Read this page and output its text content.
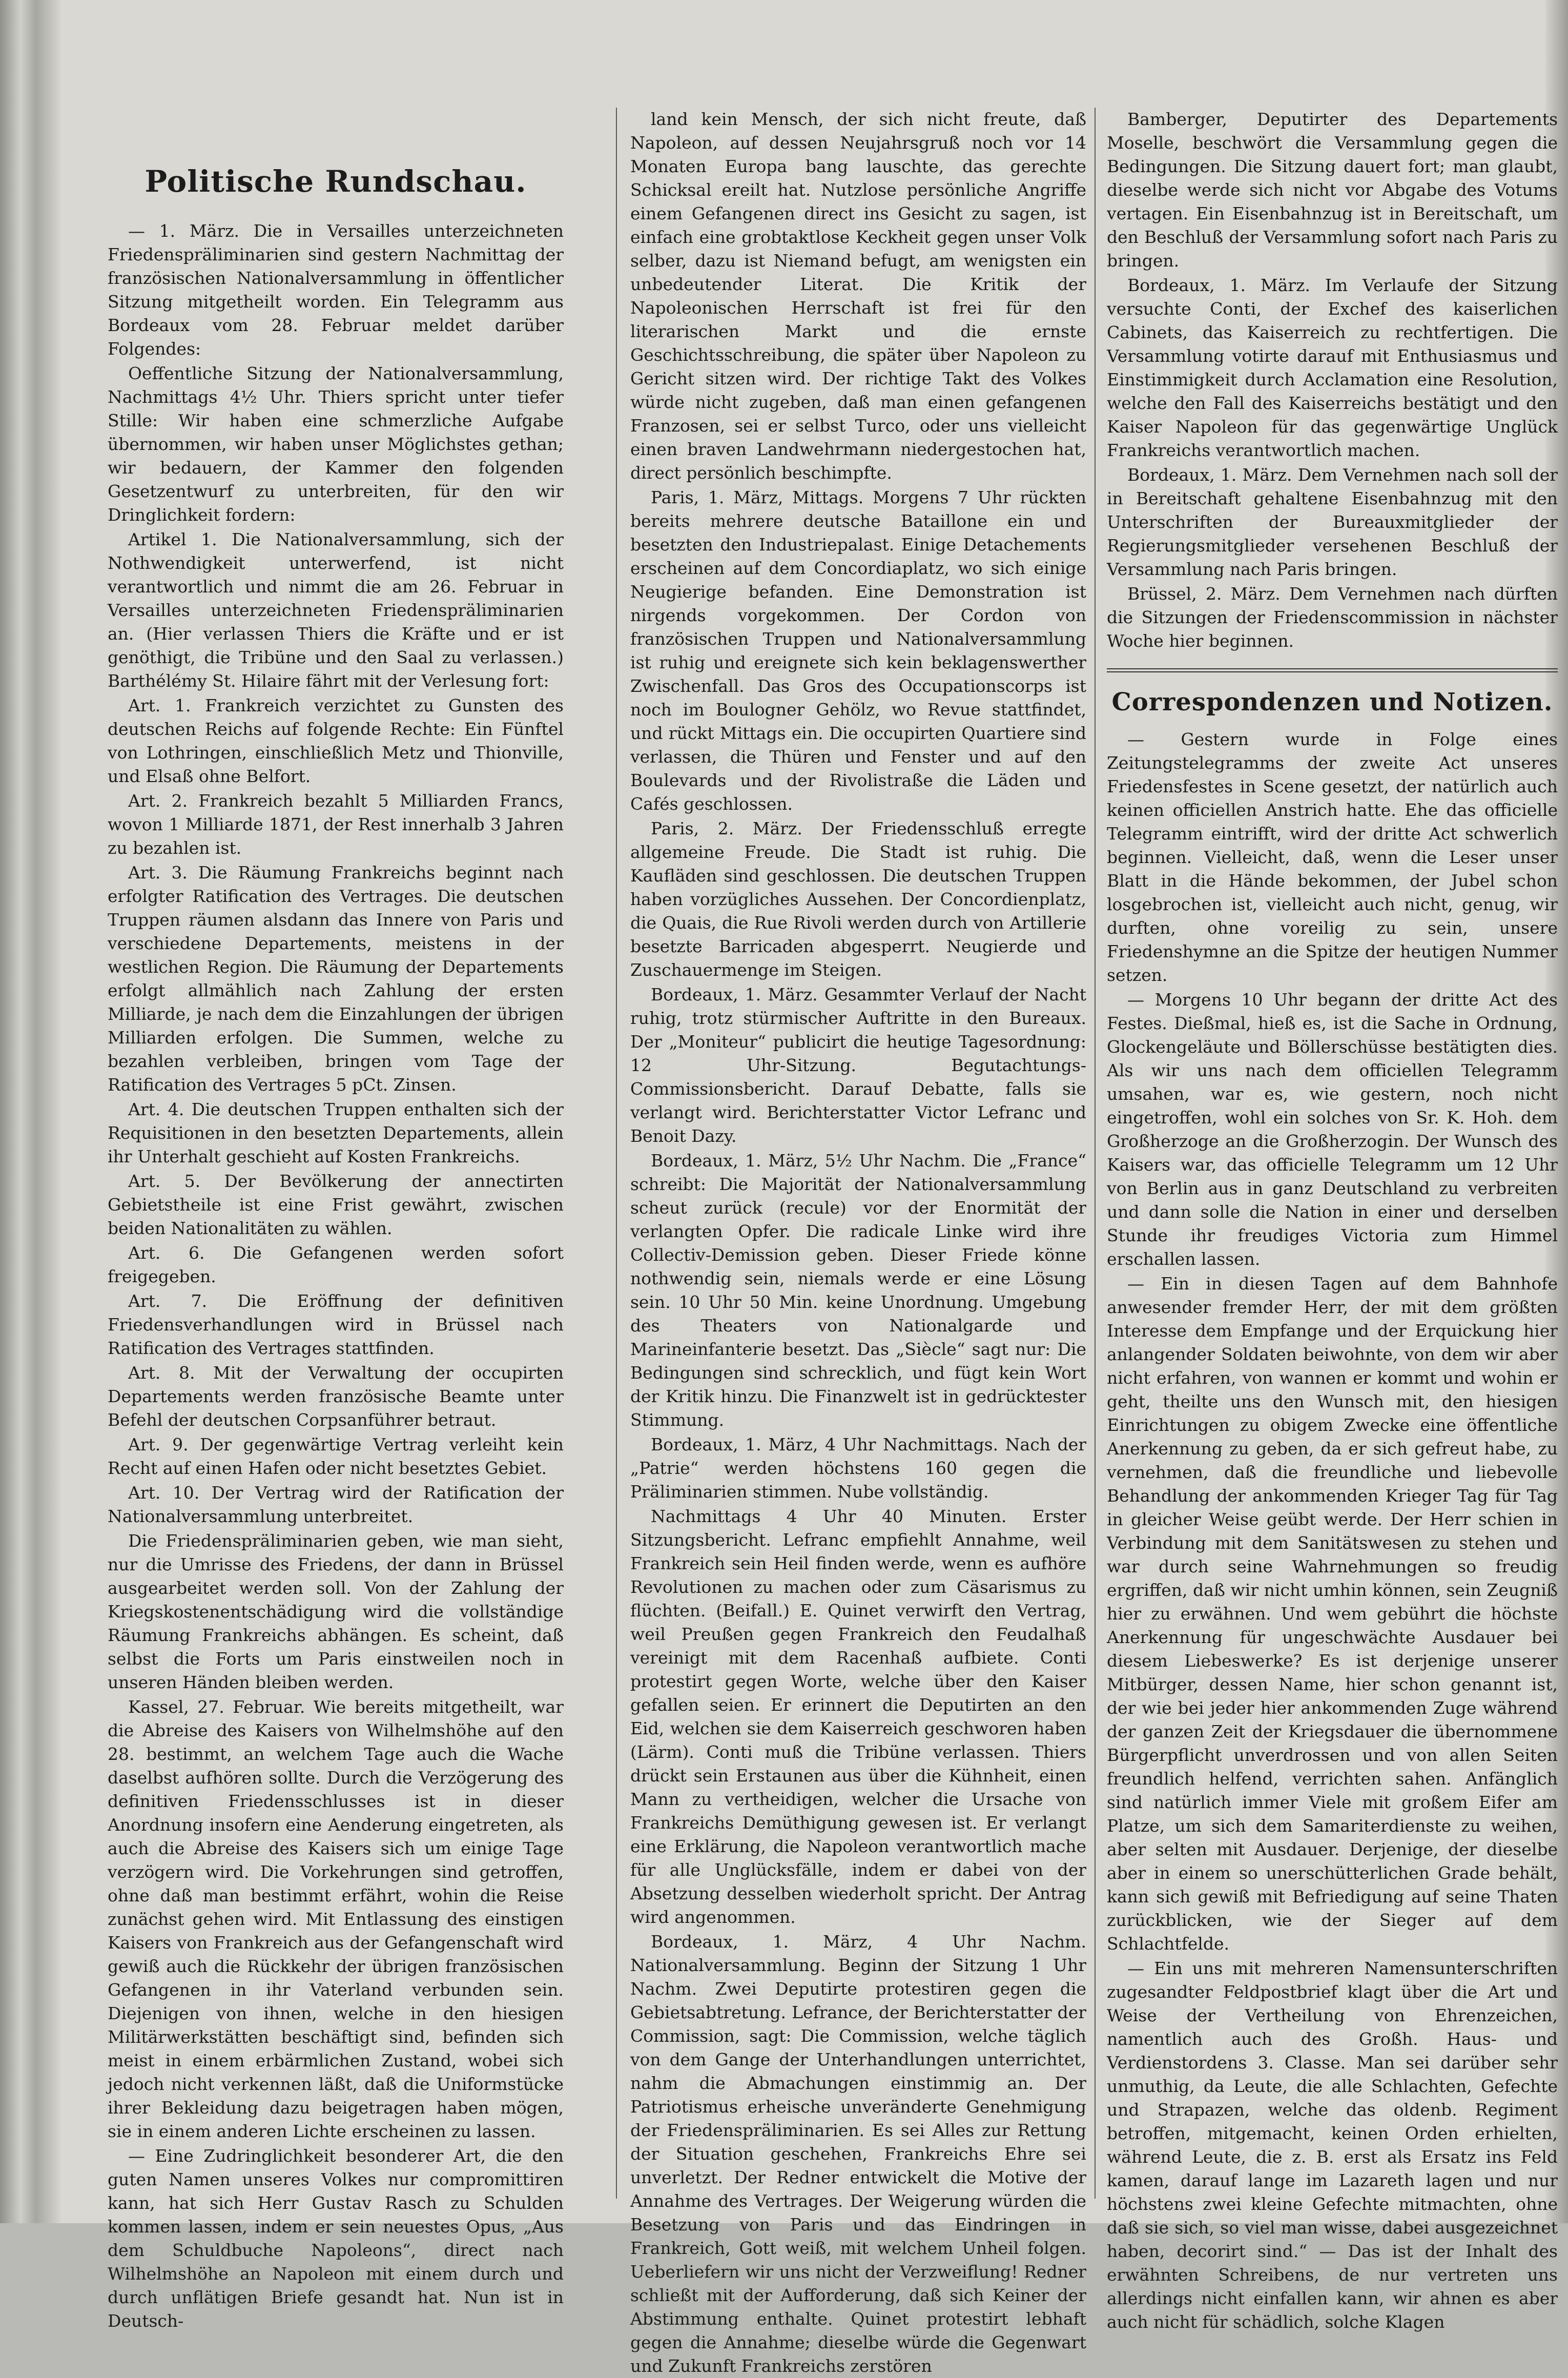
Politische Rundschau.

— 1. März. Die in Versailles unterzeichneten Friedenspräliminarien sind gestern Nachmittag der französischen Nationalversammlung in öffentlicher Sitzung mitgetheilt worden. Ein Telegramm aus Bordeaux vom 28. Februar meldet darüber Folgendes:

Oeffentliche Sitzung der Nationalversammlung, Nachmittags 4½ Uhr. Thiers spricht unter tiefer Stille: Wir haben eine schmerzliche Aufgabe übernommen, wir haben unser Möglichstes gethan; wir bedauern, der Kammer den folgenden Gesetzentwurf zu unterbreiten, für den wir Dringlichkeit fordern:

Artikel 1. Die Nationalversammlung, sich der Nothwendigkeit unterwerfend, ist nicht verantwortlich und nimmt die am 26. Februar in Versailles unterzeichneten Friedenspräliminarien an. (Hier verlassen Thiers die Kräfte und er ist genöthigt, die Tribüne und den Saal zu verlassen.) Barthélémy St. Hilaire fährt mit der Verlesung fort:

Art. 1. Frankreich verzichtet zu Gunsten des deutschen Reichs auf folgende Rechte: Ein Fünftel von Lothringen, einschließlich Metz und Thionville, und Elsaß ohne Belfort.

Art. 2. Frankreich bezahlt 5 Milliarden Francs, wovon 1 Milliarde 1871, der Rest innerhalb 3 Jahren zu bezahlen ist.

Art. 3. Die Räumung Frankreichs beginnt nach erfolgter Ratification des Vertrages. Die deutschen Truppen räumen alsdann das Innere von Paris und verschiedene Departements, meistens in der westlichen Region. Die Räumung der Departements erfolgt allmählich nach Zahlung der ersten Milliarde, je nach dem die Einzahlungen der übrigen Milliarden erfolgen. Die Summen, welche zu bezahlen verbleiben, bringen vom Tage der Ratification des Vertrages 5 pCt. Zinsen.

Art. 4. Die deutschen Truppen enthalten sich der Requisitionen in den besetzten Departements, allein ihr Unterhalt geschieht auf Kosten Frankreichs.

Art. 5. Der Bevölkerung der annectirten Gebietstheile ist eine Frist gewährt, zwischen beiden Nationalitäten zu wählen.

Art. 6. Die Gefangenen werden sofort freigegeben.

Art. 7. Die Eröffnung der definitiven Friedensverhandlungen wird in Brüssel nach Ratification des Vertrages stattfinden.

Art. 8. Mit der Verwaltung der occupirten Departements werden französische Beamte unter Befehl der deutschen Corpsanführer betraut.

Art. 9. Der gegenwärtige Vertrag verleiht kein Recht auf einen Hafen oder nicht besetztes Gebiet.

Art. 10. Der Vertrag wird der Ratification der Nationalversammlung unterbreitet.

Die Friedenspräliminarien geben, wie man sieht, nur die Umrisse des Friedens, der dann in Brüssel ausgearbeitet werden soll. Von der Zahlung der Kriegskostenentschädigung wird die vollständige Räumung Frankreichs abhängen. Es scheint, daß selbst die Forts um Paris einstweilen noch in unseren Händen bleiben werden.

Kassel, 27. Februar. Wie bereits mitgetheilt, war die Abreise des Kaisers von Wilhelmshöhe auf den 28. bestimmt, an welchem Tage auch die Wache daselbst aufhören sollte. Durch die Verzögerung des definitiven Friedensschlusses ist in dieser Anordnung insofern eine Aenderung eingetreten, als auch die Abreise des Kaisers sich um einige Tage verzögern wird. Die Vorkehrungen sind getroffen, ohne daß man bestimmt erfährt, wohin die Reise zunächst gehen wird. Mit Entlassung des einstigen Kaisers von Frankreich aus der Gefangenschaft wird gewiß auch die Rückkehr der übrigen französischen Gefangenen in ihr Vaterland verbunden sein. Diejenigen von ihnen, welche in den hiesigen Militärwerkstätten beschäftigt sind, befinden sich meist in einem erbärmlichen Zustand, wobei sich jedoch nicht verkennen läßt, daß die Uniformstücke ihrer Bekleidung dazu beigetragen haben mögen, sie in einem anderen Lichte erscheinen zu lassen.

— Eine Zudringlichkeit besonderer Art, die den guten Namen unseres Volkes nur compromittiren kann, hat sich Herr Gustav Rasch zu Schulden kommen lassen, indem er sein neuestes Opus, „Aus dem Schuldbuche Napoleons“, direct nach Wilhelmshöhe an Napoleon mit einem durch und durch unflätigen Briefe gesandt hat. Nun ist in Deutsch-

land kein Mensch, der sich nicht freute, daß Napoleon, auf dessen Neujahrsgruß noch vor 14 Monaten Europa bang lauschte, das gerechte Schicksal ereilt hat. Nutzlose persönliche Angriffe einem Gefangenen direct ins Gesicht zu sagen, ist einfach eine grobtaktlose Keckheit gegen unser Volk selber, dazu ist Niemand befugt, am wenigsten ein unbedeutender Literat. Die Kritik der Napoleonischen Herrschaft ist frei für den literarischen Markt und die ernste Geschichtsschreibung, die später über Napoleon zu Gericht sitzen wird. Der richtige Takt des Volkes würde nicht zugeben, daß man einen gefangenen Franzosen, sei er selbst Turco, oder uns vielleicht einen braven Landwehrmann niedergestochen hat, direct persönlich beschimpfte.

Paris, 1. März, Mittags. Morgens 7 Uhr rückten bereits mehrere deutsche Bataillone ein und besetzten den Industriepalast. Einige Detachements erscheinen auf dem Concordiaplatz, wo sich einige Neugierige befanden. Eine Demonstration ist nirgends vorgekommen. Der Cordon von französischen Truppen und Nationalversammlung ist ruhig und ereignete sich kein beklagenswerther Zwischenfall. Das Gros des Occupationscorps ist noch im Boulogner Gehölz, wo Revue stattfindet, und rückt Mittags ein. Die occupirten Quartiere sind verlassen, die Thüren und Fenster und auf den Boulevards und der Rivolistraße die Läden und Cafés geschlossen.

Paris, 2. März. Der Friedensschluß erregte allgemeine Freude. Die Stadt ist ruhig. Die Kaufläden sind geschlossen. Die deutschen Truppen haben vorzügliches Aussehen. Der Concordienplatz, die Quais, die Rue Rivoli werden durch von Artillerie besetzte Barricaden abgesperrt. Neugierde und Zuschauermenge im Steigen.

Bordeaux, 1. März. Gesammter Verlauf der Nacht ruhig, trotz stürmischer Auftritte in den Bureaux. Der „Moniteur“ publicirt die heutige Tagesordnung: 12 Uhr-Sitzung. Begutachtungs-Commissionsbericht. Darauf Debatte, falls sie verlangt wird. Berichterstatter Victor Lefranc und Benoit Dazy.

Bordeaux, 1. März, 5½ Uhr Nachm. Die „France“ schreibt: Die Majorität der Nationalversammlung scheut zurück (recule) vor der Enormität der verlangten Opfer. Die radicale Linke wird ihre Collectiv-Demission geben. Dieser Friede könne nothwendig sein, niemals werde er eine Lösung sein. 10 Uhr 50 Min. keine Unordnung. Umgebung des Theaters von Nationalgarde und Marineinfanterie besetzt. Das „Siècle“ sagt nur: Die Bedingungen sind schrecklich, und fügt kein Wort der Kritik hinzu. Die Finanzwelt ist in gedrücktester Stimmung.

Bordeaux, 1. März, 4 Uhr Nachmittags. Nach der „Patrie“ werden höchstens 160 gegen die Präliminarien stimmen. Nube vollständig.

Nachmittags 4 Uhr 40 Minuten. Erster Sitzungsbericht. Lefranc empfiehlt Annahme, weil Frankreich sein Heil finden werde, wenn es aufhöre Revolutionen zu machen oder zum Cäsarismus zu flüchten. (Beifall.) E. Quinet verwirft den Vertrag, weil Preußen gegen Frankreich den Feudalhaß vereinigt mit dem Racenhaß aufbiete. Conti protestirt gegen Worte, welche über den Kaiser gefallen seien. Er erinnert die Deputirten an den Eid, welchen sie dem Kaiserreich geschworen haben (Lärm). Conti muß die Tribüne verlassen. Thiers drückt sein Erstaunen aus über die Kühnheit, einen Mann zu vertheidigen, welcher die Ursache von Frankreichs Demüthigung gewesen ist. Er verlangt eine Erklärung, die Napoleon verantwortlich mache für alle Unglücksfälle, indem er dabei von der Absetzung desselben wiederholt spricht. Der Antrag wird angenommen.

Bordeaux, 1. März, 4 Uhr Nachm. Nationalversammlung. Beginn der Sitzung 1 Uhr Nachm. Zwei Deputirte protestiren gegen die Gebietsabtretung. Lefrance, der Berichterstatter der Commission, sagt: Die Commission, welche täglich von dem Gange der Unterhandlungen unterrichtet, nahm die Abmachungen einstimmig an. Der Patriotismus erheische unveränderte Genehmigung der Friedenspräliminarien. Es sei Alles zur Rettung der Situation geschehen, Frankreichs Ehre sei unverletzt. Der Redner entwickelt die Motive der Annahme des Vertrages. Der Weigerung würden die Besetzung von Paris und das Eindringen in Frankreich, Gott weiß, mit welchem Unheil folgen. Ueberliefern wir uns nicht der Verzweiflung! Redner schließt mit der Aufforderung, daß sich Keiner der Abstimmung enthalte. Quinet protestirt lebhaft gegen die Annahme; dieselbe würde die Gegenwart und Zukunft Frankreichs zerstören

Bamberger, Deputirter des Departements Moselle, beschwört die Versammlung gegen die Bedingungen. Die Sitzung dauert fort; man glaubt, dieselbe werde sich nicht vor Abgabe des Votums vertagen. Ein Eisenbahnzug ist in Bereitschaft, um den Beschluß der Versammlung sofort nach Paris zu bringen.

Bordeaux, 1. März. Im Verlaufe der Sitzung versuchte Conti, der Exchef des kaiserlichen Cabinets, das Kaiserreich zu rechtfertigen. Die Versammlung votirte darauf mit Enthusiasmus und Einstimmigkeit durch Acclamation eine Resolution, welche den Fall des Kaiserreichs bestätigt und den Kaiser Napoleon für das gegenwärtige Unglück Frankreichs verantwortlich machen.

Bordeaux, 1. März. Dem Vernehmen nach soll der in Bereitschaft gehaltene Eisenbahnzug mit den Unterschriften der Bureauxmitglieder der Regierungsmitglieder versehenen Beschluß der Versammlung nach Paris bringen.

Brüssel, 2. März. Dem Vernehmen nach dürften die Sitzungen der Friedenscommission in nächster Woche hier beginnen.

Correspondenzen und Notizen.

— Gestern wurde in Folge eines Zeitungstelegramms der zweite Act unseres Friedensfestes in Scene gesetzt, der natürlich auch keinen officiellen Anstrich hatte. Ehe das officielle Telegramm eintrifft, wird der dritte Act schwerlich beginnen. Vielleicht, daß, wenn die Leser unser Blatt in die Hände bekommen, der Jubel schon losgebrochen ist, vielleicht auch nicht, genug, wir durften, ohne voreilig zu sein, unsere Friedenshymne an die Spitze der heutigen Nummer setzen.

— Morgens 10 Uhr begann der dritte Act des Festes. Dießmal, hieß es, ist die Sache in Ordnung, Glockengeläute und Böllerschüsse bestätigten dies. Als wir uns nach dem officiellen Telegramm umsahen, war es, wie gestern, noch nicht eingetroffen, wohl ein solches von Sr. K. Hoh. dem Großherzoge an die Großherzogin. Der Wunsch des Kaisers war, das officielle Telegramm um 12 Uhr von Berlin aus in ganz Deutschland zu verbreiten und dann solle die Nation in einer und derselben Stunde ihr freudiges Victoria zum Himmel erschallen lassen.

— Ein in diesen Tagen auf dem Bahnhofe anwesender fremder Herr, der mit dem größten Interesse dem Empfange und der Erquickung hier anlangender Soldaten beiwohnte, von dem wir aber nicht erfahren, von wannen er kommt und wohin er geht, theilte uns den Wunsch mit, den hiesigen Einrichtungen zu obigem Zwecke eine öffentliche Anerkennung zu geben, da er sich gefreut habe, zu vernehmen, daß die freundliche und liebevolle Behandlung der ankommenden Krieger Tag für Tag in gleicher Weise geübt werde. Der Herr schien in Verbindung mit dem Sanitätswesen zu stehen und war durch seine Wahrnehmungen so freudig ergriffen, daß wir nicht umhin können, sein Zeugniß hier zu erwähnen. Und wem gebührt die höchste Anerkennung für ungeschwächte Ausdauer bei diesem Liebeswerke? Es ist derjenige unserer Mitbürger, dessen Name, hier schon genannt ist, der wie bei jeder hier ankommenden Zuge während der ganzen Zeit der Kriegsdauer die übernommene Bürgerpflicht unverdrossen und von allen Seiten freundlich helfend, verrichten sahen. Anfänglich sind natürlich immer Viele mit großem Eifer am Platze, um sich dem Samariterdienste zu weihen, aber selten mit Ausdauer. Derjenige, der dieselbe aber in einem so unerschütterlichen Grade behält, kann sich gewiß mit Befriedigung auf seine Thaten zurückblicken, wie der Sieger auf dem Schlachtfelde.

— Ein uns mit mehreren Namensunterschriften zugesandter Feldpostbrief klagt über die Art und Weise der Vertheilung von Ehrenzeichen, namentlich auch des Großh. Haus- und Verdienstordens 3. Classe. Man sei darüber sehr unmuthig, da Leute, die alle Schlachten, Gefechte und Strapazen, welche das oldenb. Regiment betroffen, mitgemacht, keinen Orden erhielten, während Leute, die z. B. erst als Ersatz ins Feld kamen, darauf lange im Lazareth lagen und nur höchstens zwei kleine Gefechte mitmachten, ohne daß sie sich, so viel man wisse, dabei ausgezeichnet haben, decorirt sind.“ — Das ist der Inhalt des erwähnten Schreibens, de nur vertreten uns allerdings nicht einfallen kann, wir ahnen es aber auch nicht für schädlich, solche Klagen
